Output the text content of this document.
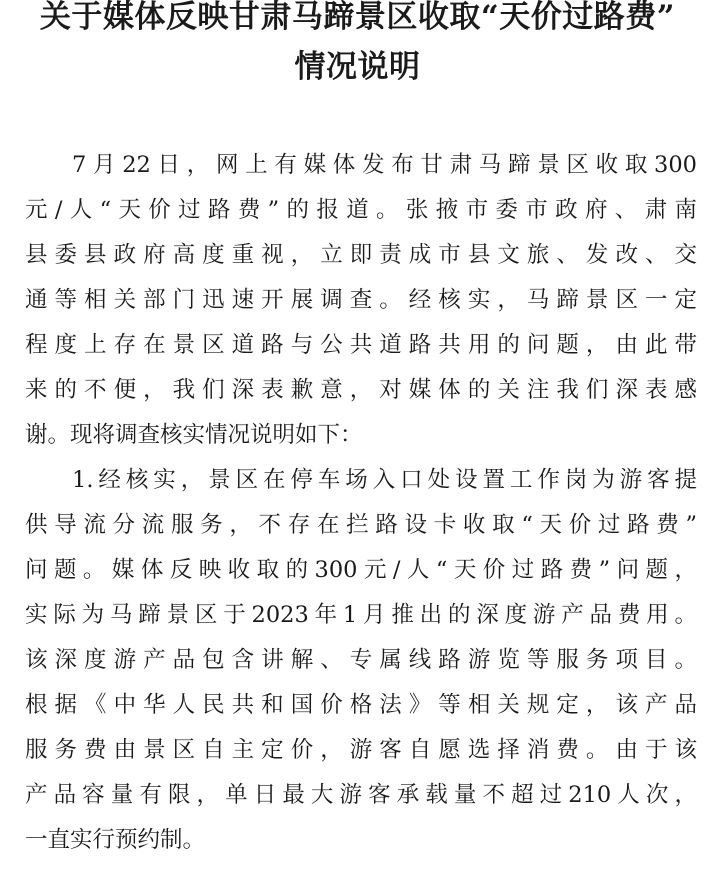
关于媒体反映甘肃马蹄景区收取“天价过路费”
情况说明
7月22日，网上有媒体发布甘肃马蹄景区收取300
元/人“天价过路费”的报道。张掖市委市政府、肃南
县委县政府高度重视，立即责成市县文旅、发改、交
通等相关部门迅速开展调查。经核实，马蹄景区一定
程度上存在景区道路与公共道路共用的问题，由此带
来的不便，我们深表歉意，对媒体的关注我们深表感
谢。现将调查核实情况说明如下：
1.经核实，景区在停车场入口处设置工作岗为游客提
供导流分流服务，不存在拦路设卡收取“天价过路费”
问题。媒体反映收取的300元/人“天价过路费”问题，
实际为马蹄景区于2023年1月推出的深度游产品费用。
该深度游产品包含讲解、专属线路游览等服务项目。
根据《中华人民共和国价格法》等相关规定，该产品
服务费由景区自主定价，游客自愿选择消费。由于该
产品容量有限，单日最大游客承载量不超过210人次，
一直实行预约制。
